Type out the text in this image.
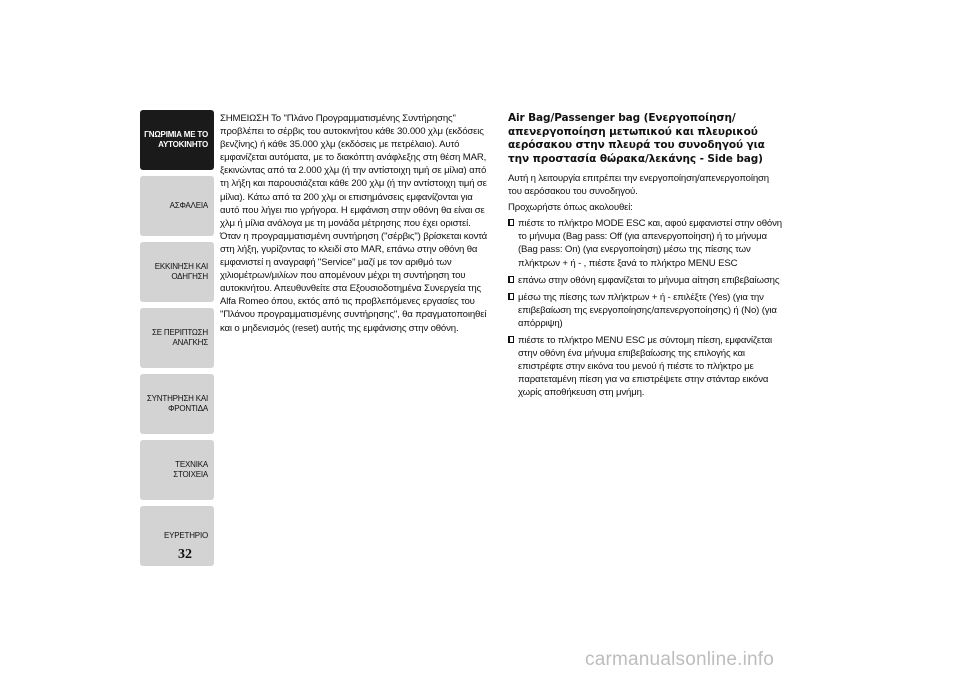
ΓΝΩΡΙΜΙΑ ΜΕ ΤΟ
ΑΥΤΟΚΙΝΗΤΟ
ΑΣΦΑΛΕΙΑ
ΕΚΚΙΝΗΣΗ ΚΑΙ
ΟΔΗΓΗΣΗ
ΣΕ ΠΕΡΙΠΤΩΣΗ
ΑΝΑΓΚΗΣ
ΣΥΝΤΗΡΗΣΗ ΚΑΙ
ΦΡΟΝΤΙΔΑ
ΤΕΧΝΙΚΑ ΣΤΟΙΧΕΙΑ
ΕΥΡΕΤΗΡΙΟ
32
ΣΗΜΕΙΩΣΗ Το "Πλάνο Προγραμματισμένης Συντήρησης" προβλέπει το σέρβις του αυτοκινήτου κάθε 30.000 χλμ (εκδόσεις βενζίνης) ή κάθε 35.000 χλμ (εκδόσεις με πετρέλαιο). Αυτό εμφανίζεται αυτόματα, με το διακόπτη ανάφλεξης στη θέση MAR, ξεκινώντας από τα 2.000 χλμ (ή την αντίστοιχη τιμή σε μίλια) από τη λήξη και παρουσιάζεται κάθε 200 χλμ (ή την αντίστοιχη τιμή σε μίλια). Κάτω από τα 200 χλμ οι επισημάνσεις εμφανίζονται για αυτό που λήγει πιο γρήγορα. Η εμφάνιση στην οθόνη θα είναι σε χλμ ή μίλια ανάλογα με τη μονάδα μέτρησης που έχει οριστεί. Όταν η προγραμματισμένη συντήρηση ("σέρβις") βρίσκεται κοντά στη λήξη, γυρίζοντας το κλειδί στο MAR, επάνω στην οθόνη θα εμφανιστεί η αναγραφή "Service" μαζί με τον αριθμό των χιλιομέτρων/μιλίων που απομένουν μέχρι τη συντήρηση του αυτοκινήτου. Απευθυνθείτε στα Εξουσιοδοτημένα Συνεργεία της Alfa Romeo όπου, εκτός από τις προβλεπόμενες εργασίες του "Πλάνου προγραμματισμένης συντήρησης", θα πραγματοποιηθεί και ο μηδενισμός (reset) αυτής της εμφάνισης στην οθόνη.
Air Bag/Passenger bag (Ενεργοποίηση/ απενεργοποίηση μετωπικού και πλευρικού αερόσακου στην πλευρά του συνοδηγού για την προστασία θώρακα/λεκάνης - Side bag)

Αυτή η λειτουργία επιτρέπει την ενεργοποίηση/απενεργοποίηση του αερόσακου του συνοδηγού.

Προχωρήστε όπως ακολουθεί:

πιέστε το πλήκτρο MODE ESC και, αφού εμφανιστεί στην οθόνη το μήνυμα (Bag pass: Off (για απενεργοποίηση) ή το μήνυμα (Bag pass: On) (για ενεργοποίηση) μέσω της πίεσης των πλήκτρων + ή - , πιέστε ξανά το πλήκτρο MENU ESC
επάνω στην οθόνη εμφανίζεται το μήνυμα αίτηση επιβεβαίωσης
μέσω της πίεσης των πλήκτρων + ή - επιλέξτε (Yes) (για την επιβεβαίωση της ενεργοποίησης/απενεργοποίησης) ή (No) (για απόρριψη)
πιέστε το πλήκτρο MENU ESC με σύντομη πίεση, εμφανίζεται στην οθόνη ένα μήνυμα επιβεβαίωσης της επιλογής και επιστρέφτε στην εικόνα του μενού ή πιέστε το πλήκτρο με παρατεταμένη πίεση για να επιστρέψετε στην στάνταρ εικόνα χωρίς αποθήκευση στη μνήμη.
carmanualsonline.info
